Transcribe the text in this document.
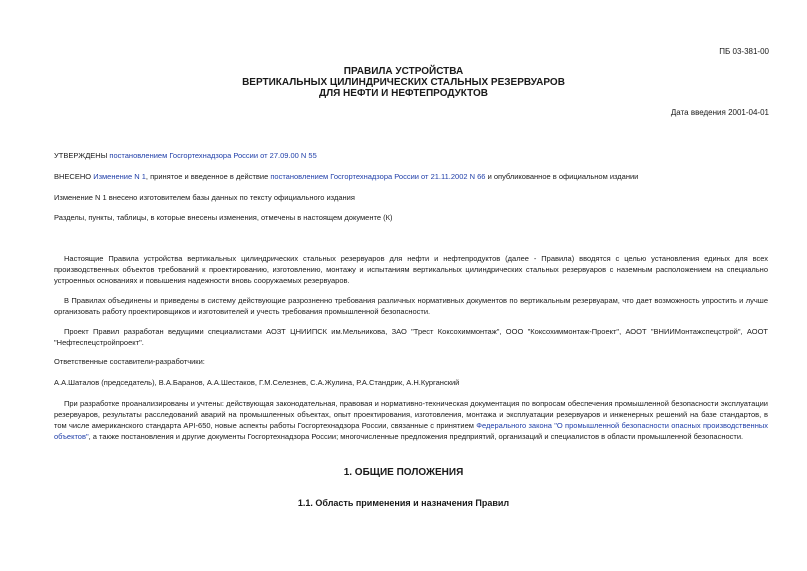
ПБ 03-381-00
ПРАВИЛА УСТРОЙСТВА
ВЕРТИКАЛЬНЫХ ЦИЛИНДРИЧЕСКИХ СТАЛЬНЫХ РЕЗЕРВУАРОВ
ДЛЯ НЕФТИ И НЕФТЕПРОДУКТОВ
Дата введения 2001-04-01
УТВЕРЖДЕНЫ постановлением Госгортехнадзора России от 27.09.00 N 55
ВНЕСЕНО Изменение N 1, принятое и введенное в действие постановлением Госгортехнадзора России от 21.11.2002 N 66 и опубликованное в официальном издании
Изменение N 1 внесено изготовителем базы данных по тексту официального издания
Разделы, пункты, таблицы, в которые внесены изменения, отмечены в настоящем документе (К)
Настоящие Правила устройства вертикальных цилиндрических стальных резервуаров для нефти и нефтепродуктов (далее - Правила) вводятся с целью установления единых для всех производственных объектов требований к проектированию, изготовлению, монтажу и испытаниям вертикальных цилиндрических стальных резервуаров с наземным расположением на специально устроенных основаниях и повышения надежности вновь сооружаемых резервуаров.
В Правилах объединены и приведены в систему действующие разрозненно требования различных нормативных документов по вертикальным резервуарам, что дает возможность упростить и лучше организовать работу проектировщиков и изготовителей и учесть требования промышленной безопасности.
Проект Правил разработан ведущими специалистами АОЗТ ЦНИИПСК им.Мельникова, ЗАО "Трест Коксохиммонтаж", ООО "Коксохиммонтаж-Проект", АООТ "ВНИИМонтажспецстрой", АООТ "Нефтеспецстройпроект".
Ответственные составители-разработчики:
А.А.Шаталов (председатель), В.А.Баранов, А.А.Шестаков, Г.М.Селезнев, С.А.Жулина, Р.А.Стандрик, А.Н.Курганский
При разработке проанализированы и учтены: действующая законодательная, правовая и нормативно-техническая документация по вопросам обеспечения промышленной безопасности эксплуатации резервуаров, результаты расследований аварий на промышленных объектах, опыт проектирования, изготовления, монтажа и эксплуатации резервуаров и инженерных решений на базе стандартов, в том числе американского стандарта API-650, новые аспекты работы Госгортехнадзора России, связанные с принятием Федерального закона "О промышленной безопасности опасных производственных объектов", а также постановления и другие документы Госгортехнадзора России; многочисленные предложения предприятий, организаций и специалистов в области промышленной безопасности.
1. ОБЩИЕ ПОЛОЖЕНИЯ
1.1. Область применения и назначения Правил
